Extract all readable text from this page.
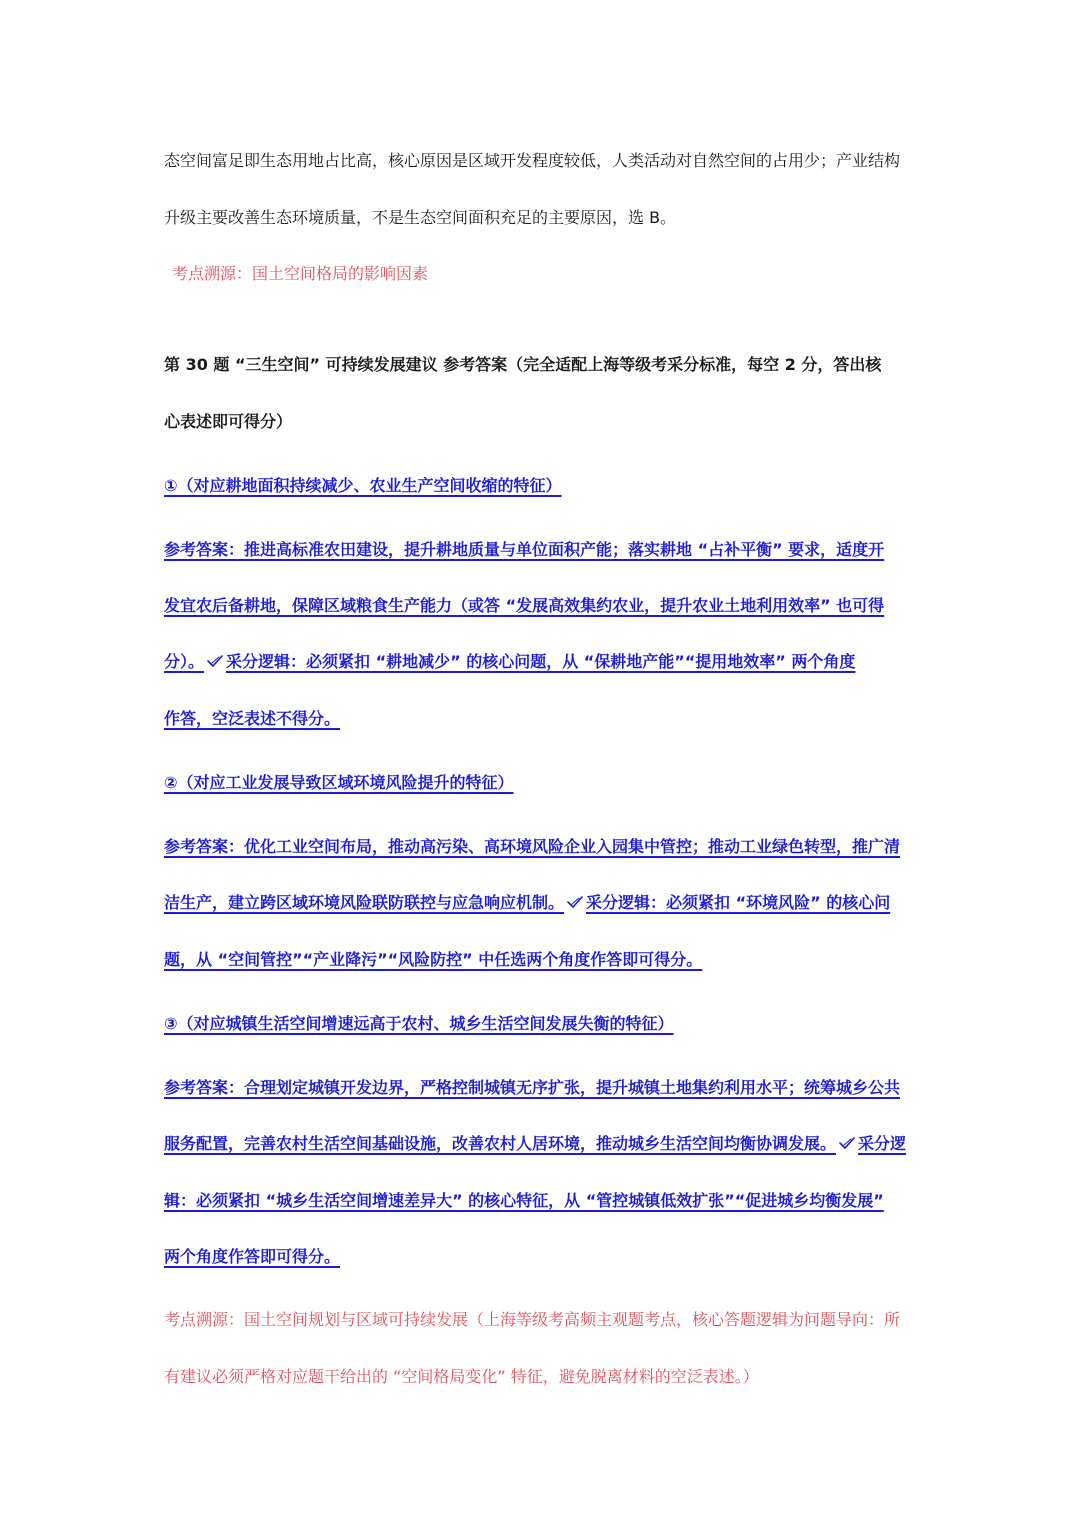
态空间富足即生态用地占比高，核心原因是区域开发程度较低，人类活动对自然空间的占用少；产业结构
升级主要改善生态环境质量，不是生态空间面积充足的主要原因，选 B。
考点溯源：国土空间格局的影响因素
第 30 题 “三生空间” 可持续发展建议 参考答案（完全适配上海等级考采分标准，每空 2 分，答出核
心表述即可得分）
①（对应耕地面积持续减少、农业生产空间收缩的特征）
参考答案：推进高标准农田建设，提升耕地质量与单位面积产能；落实耕地 “占补平衡” 要求，适度开
发宜农后备耕地，保障区域粮食生产能力（或答 “发展高效集约农业，提升农业土地利用效率” 也可得
分）。 采分逻辑：必须紧扣 “耕地减少” 的核心问题，从 “保耕地产能”“提用地效率” 两个角度
作答，空泛表述不得分。
②（对应工业发展导致区域环境风险提升的特征）
参考答案：优化工业空间布局，推动高污染、高环境风险企业入园集中管控；推动工业绿色转型，推广清
洁生产，建立跨区域环境风险联防联控与应急响应机制。 采分逻辑：必须紧扣 “环境风险” 的核心问
题，从 “空间管控”“产业降污”“风险防控” 中任选两个角度作答即可得分。
③（对应城镇生活空间增速远高于农村、城乡生活空间发展失衡的特征）
参考答案：合理划定城镇开发边界，严格控制城镇无序扩张，提升城镇土地集约利用水平；统筹城乡公共
服务配置，完善农村生活空间基础设施，改善农村人居环境，推动城乡生活空间均衡协调发展。 采分逻
辑：必须紧扣 “城乡生活空间增速差异大” 的核心特征，从 “管控城镇低效扩张”“促进城乡均衡发展”
两个角度作答即可得分。
考点溯源：国土空间规划与区域可持续发展（上海等级考高频主观题考点，核心答题逻辑为问题导向：所
有建议必须严格对应题干给出的 “空间格局变化” 特征，避免脱离材料的空泛表述。）
